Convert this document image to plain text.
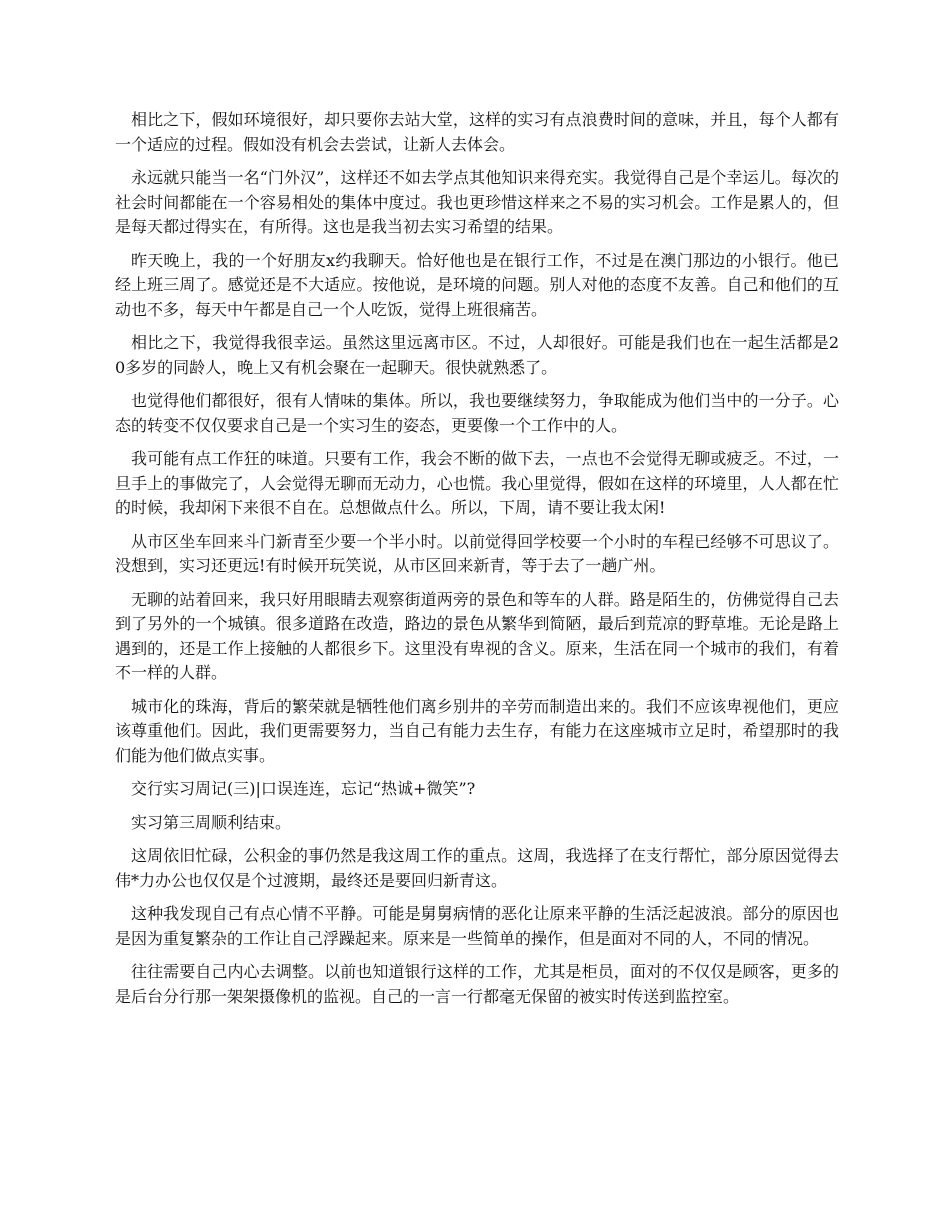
相比之下，假如环境很好，却只要你去站大堂，这样的实习有点浪费时间的意味，并且，每个人都有一个适应的过程。假如没有机会去尝试，让新人去体会。

永远就只能当一名“门外汉”，这样还不如去学点其他知识来得充实。我觉得自己是个幸运儿。每次的社会时间都能在一个容易相处的集体中度过。我也更珍惜这样来之不易的实习机会。工作是累人的，但是每天都过得实在，有所得。这也是我当初去实习希望的结果。

昨天晚上，我的一个好朋友x约我聊天。恰好他也是在银行工作，不过是在澳门那边的小银行。他已经上班三周了。感觉还是不大适应。按他说，是环境的问题。别人对他的态度不友善。自己和他们的互动也不多，每天中午都是自己一个人吃饭，觉得上班很痛苦。

相比之下，我觉得我很幸运。虽然这里远离市区。不过，人却很好。可能是我们也在一起生活都是20多岁的同龄人，晚上又有机会聚在一起聊天。很快就熟悉了。

也觉得他们都很好，很有人情味的集体。所以，我也要继续努力，争取能成为他们当中的一分子。心态的转变不仅仅要求自己是一个实习生的姿态，更要像一个工作中的人。

我可能有点工作狂的味道。只要有工作，我会不断的做下去，一点也不会觉得无聊或疲乏。不过，一旦手上的事做完了，人会觉得无聊而无动力，心也慌。我心里觉得，假如在这样的环境里，人人都在忙的时候，我却闲下来很不自在。总想做点什么。所以，下周，请不要让我太闲!

从市区坐车回来斗门新青至少要一个半小时。以前觉得回学校要一个小时的车程已经够不可思议了。没想到，实习还更远!有时候开玩笑说，从市区回来新青，等于去了一趟广州。

无聊的站着回来，我只好用眼睛去观察街道两旁的景色和等车的人群。路是陌生的，仿佛觉得自己去到了另外的一个城镇。很多道路在改造，路边的景色从繁华到简陋，最后到荒凉的野草堆。无论是路上遇到的，还是工作上接触的人都很乡下。这里没有卑视的含义。原来，生活在同一个城市的我们，有着不一样的人群。

城市化的珠海，背后的繁荣就是牺牲他们离乡别井的辛劳而制造出来的。我们不应该卑视他们，更应该尊重他们。因此，我们更需要努力，当自己有能力去生存，有能力在这座城市立足时，希望那时的我们能为他们做点实事。

交行实习周记(三)|口误连连，忘记“热诚+微笑”?

实习第三周顺利结束。

这周依旧忙碌，公积金的事仍然是我这周工作的重点。这周，我选择了在支行帮忙，部分原因觉得去伟*力办公也仅仅是个过渡期，最终还是要回归新青这。

这种我发现自己有点心情不平静。可能是舅舅病情的恶化让原来平静的生活泛起波浪。部分的原因也是因为重复繁杂的工作让自己浮躁起来。原来是一些简单的操作，但是面对不同的人，不同的情况。

往往需要自己内心去调整。以前也知道银行这样的工作，尤其是柜员，面对的不仅仅是顾客，更多的是后台分行那一架架摄像机的监视。自己的一言一行都毫无保留的被实时传送到监控室。
